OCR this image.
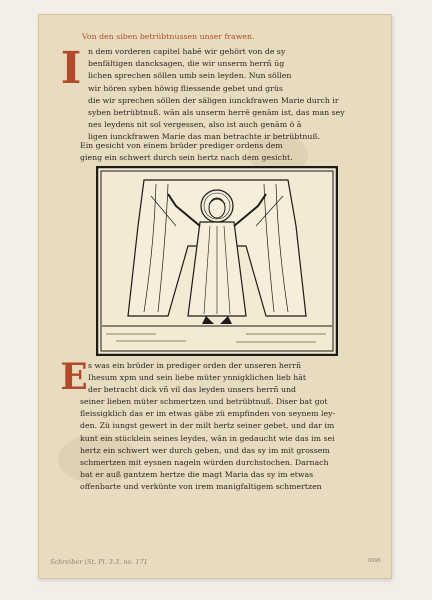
Von den siben betrübtnussen unser frawen.
I n dem vorderen capitel habē wir gehört von de sy
benfältigen dancksagen, die wir unserm herrñ ūg
lichen sprechen söllen umb sein leyden. Nun söllen
wir hören syben höwig fliessende gebet und grüs
die wir sprechen söllen der säligen iunckfrawen Marie durch ir
syben betrübtnuß. wān als unserm herrē genām ist, das man sey
nes leydens nit sol vergessen, also ist auch genām ö ā
ligen iunckfrawen Marie das man betrachte ir betrübtnuß.
Ein gesicht von einem brüder prediger ordens dem
gieng ein schwert durch sein hertz nach dem gesicht.
E s was ein brüder in prediger orden der unseren herrñ
Ihesum xpm und sein liebe müter ynnigklichen lieb hāt
der betracht dick vñ vil das leyden unsers herrñ und
seiner lieben müter schmertzen und betrübtnuß. Diser bat got
fleissigklich das er im etwas gäbe zü empfinden von seynem ley-
den. Zü iungst gewert in der milt hertz seiner gebet, und dar im
kunt ein stücklein seines leydes, wān in gedaucht wie das im sei
hertz ein schwert wer durch geben, und das sy im mit grossem
schmertzen mit eysnen nageln würden durchstochen. Darnach
bat er auß gantzem hertze die magt Maria das sy im etwas
offenbarte und verkünte von irem manigfaltigem schmertzen
Schreiber (St. Pl. 3.3. no. 171	0096
